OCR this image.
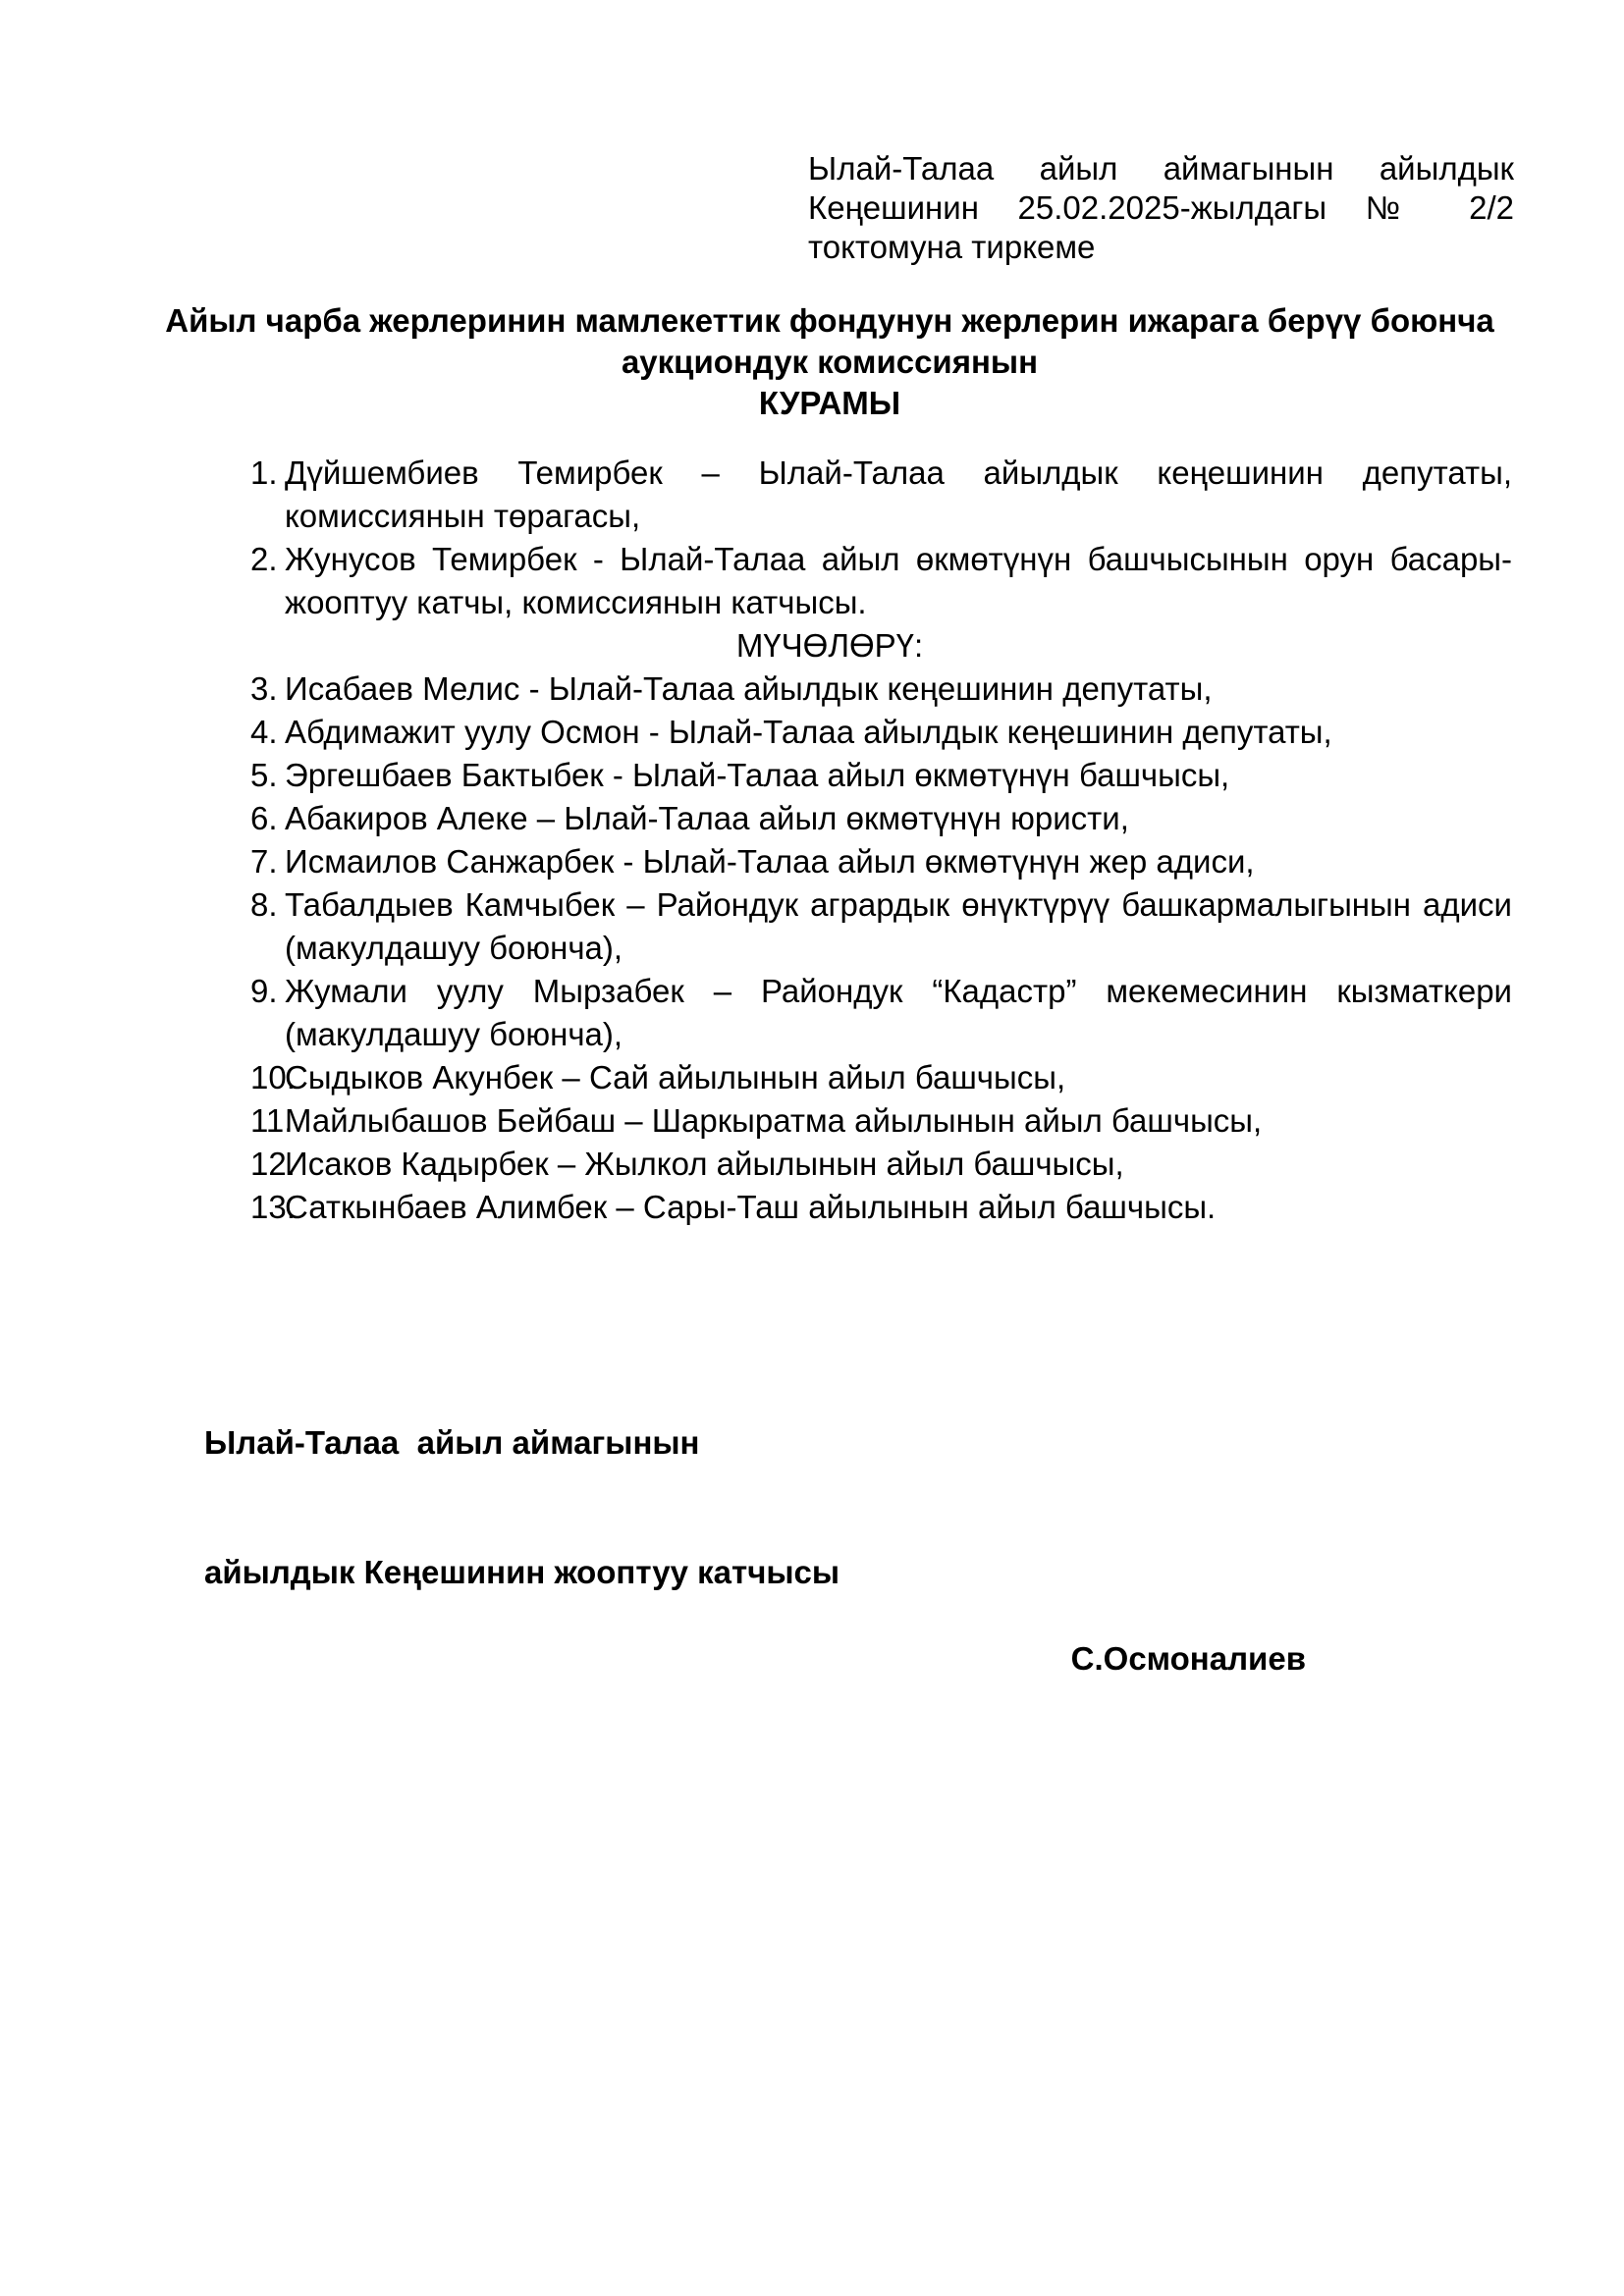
Ылай-Талаа айыл аймагынын айылдык
Кеңешинин 25.02.2025-жылдагы № 2/2
токтомуна тиркеме
Айыл чарба жерлеринин мамлекеттик фондунун жерлерин ижарага берүү боюнча аукциондук комиссиянын
КУРАМЫ
1. Дүйшембиев Темирбек – Ылай-Талаа айылдык кеңешинин депутаты, комиссиянын төрагасы,
2. Жунусов Темирбек - Ылай-Талаа айыл өкмөтүнүн башчысынын орун басары-жооптуу катчы, комиссиянын катчысы.
МҮЧӨЛӨРҮ:
3. Исабаев Мелис - Ылай-Талаа айылдык кеңешинин депутаты,
4. Абдимажит уулу Осмон - Ылай-Талаа айылдык кеңешинин депутаты,
5. Эргешбаев Бактыбек - Ылай-Талаа айыл өкмөтүнүн башчысы,
6. Абакиров Алеке – Ылай-Талаа айыл өкмөтүнүн юристи,
7. Исмаилов Санжарбек - Ылай-Талаа айыл өкмөтүнүн жер адиси,
8. Табалдыев Камчыбек – Райондук агрардык өнүктүрүү башкармалыгынын адиси (макулдашуу боюнча),
9. Жумали уулу Мырзабек – Райондук “Кадастр” мекемесинин кызматкери (макулдашуу боюнча),
10.
Сыдыков Акунбек – Сай айылынын айыл башчысы,
11.
Майлыбашов Бейбаш – Шаркыратма айылынын айыл башчысы,
12.
Исаков Кадырбек – Жылкол айылынын айыл башчысы,
13.
Саткынбаев Алимбек – Сары-Таш айылынын айыл башчысы.

Ылай-Талаа  айыл аймагынын

айылдык Кеңешинин жооптуу катчысы

С.Осмоналиев
